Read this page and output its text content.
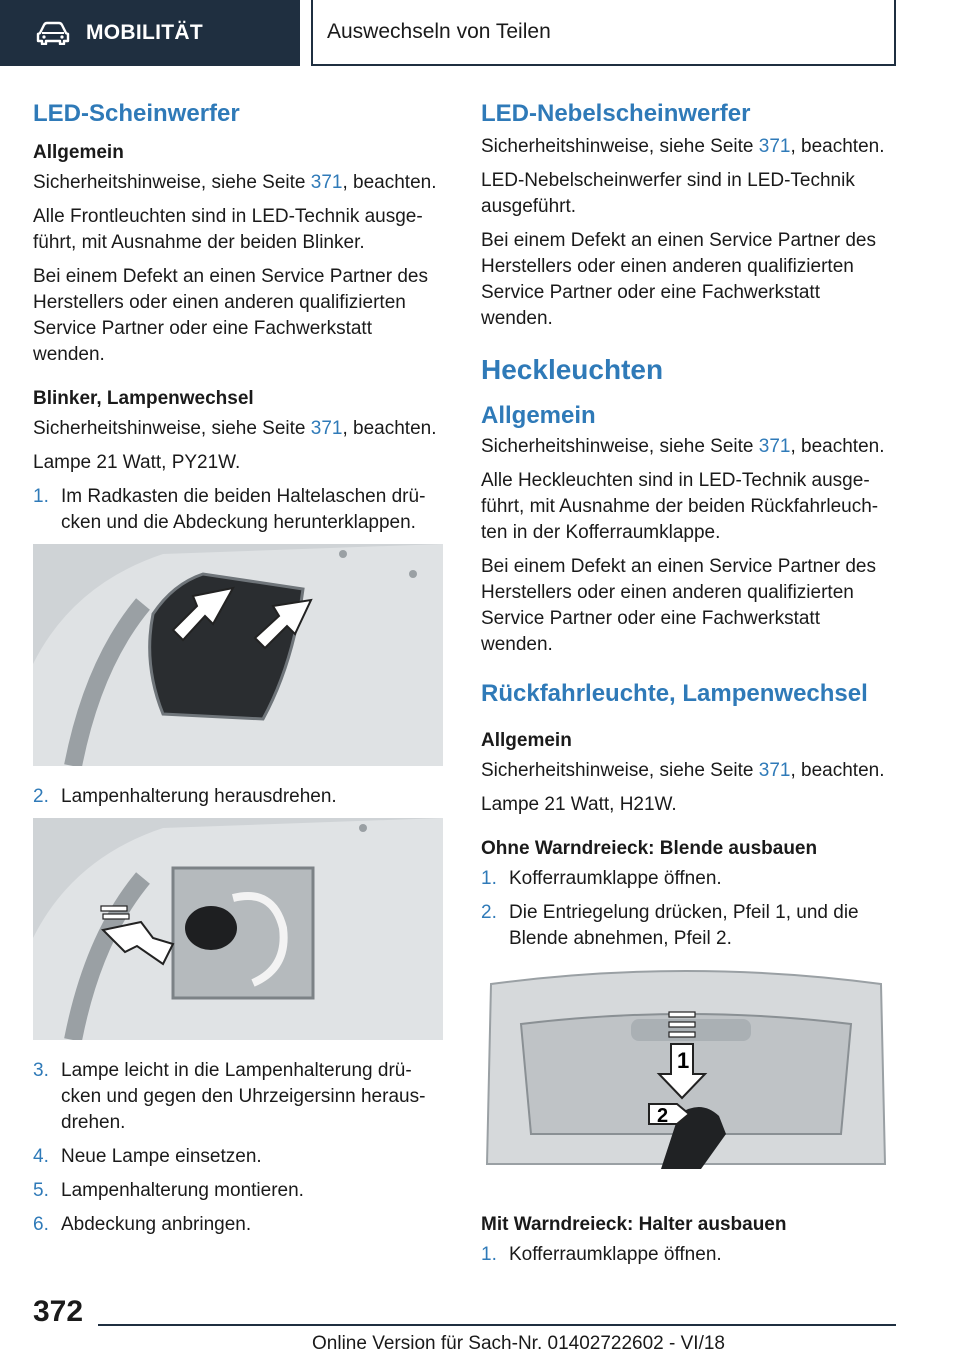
MOBILITÄT	Auswechseln von Teilen
LED-Scheinwerfer
Allgemein

Sicherheitshinweise, siehe Seite 371, beachten.

Alle Frontleuchten sind in LED-Technik ausgeführt, mit Ausnahme der beiden Blinker.

Bei einem Defekt an einen Service Partner des Herstellers oder einen anderen qualifizierten Service Partner oder eine Fachwerkstatt wenden.

Blinker, Lampenwechsel

Sicherheitshinweise, siehe Seite 371, beachten.

Lampe 21 Watt, PY21W.

1. Im Radkasten die beiden Haltelaschen drücken und die Abdeckung herunterklappen.
2. Lampenhalterung herausdrehen.
3. Lampe leicht in die Lampenhalterung drücken und gegen den Uhrzeigersinn herausdrehen.
4. Neue Lampe einsetzen.
5. Lampenhalterung montieren.
6. Abdeckung anbringen.
LED-Nebelscheinwerfer

Sicherheitshinweise, siehe Seite 371, beachten.

LED-Nebelscheinwerfer sind in LED-Technik ausgeführt.

Bei einem Defekt an einen Service Partner des Herstellers oder einen anderen qualifizierten Service Partner oder eine Fachwerkstatt wenden.

Heckleuchten
Allgemein

Sicherheitshinweise, siehe Seite 371, beachten.

Alle Heckleuchten sind in LED-Technik ausgeführt, mit Ausnahme der beiden Rückfahrleuchten in der Kofferraumklappe.

Bei einem Defekt an einen Service Partner des Herstellers oder einen anderen qualifizierten Service Partner oder eine Fachwerkstatt wenden.

Rückfahrleuchte, Lampenwechsel
Allgemein

Sicherheitshinweise, siehe Seite 371, beachten.

Lampe 21 Watt, H21W.

Ohne Warndreieck: Blende ausbauen
1. Kofferraumklappe öffnen.
2. Die Entriegelung drücken, Pfeil 1, und die Blende abnehmen, Pfeil 2.
1
2
Mit Warndreieck: Halter ausbauen
1. Kofferraumklappe öffnen.
372
Online Version für Sach-Nr. 01402722602 - VI/18
